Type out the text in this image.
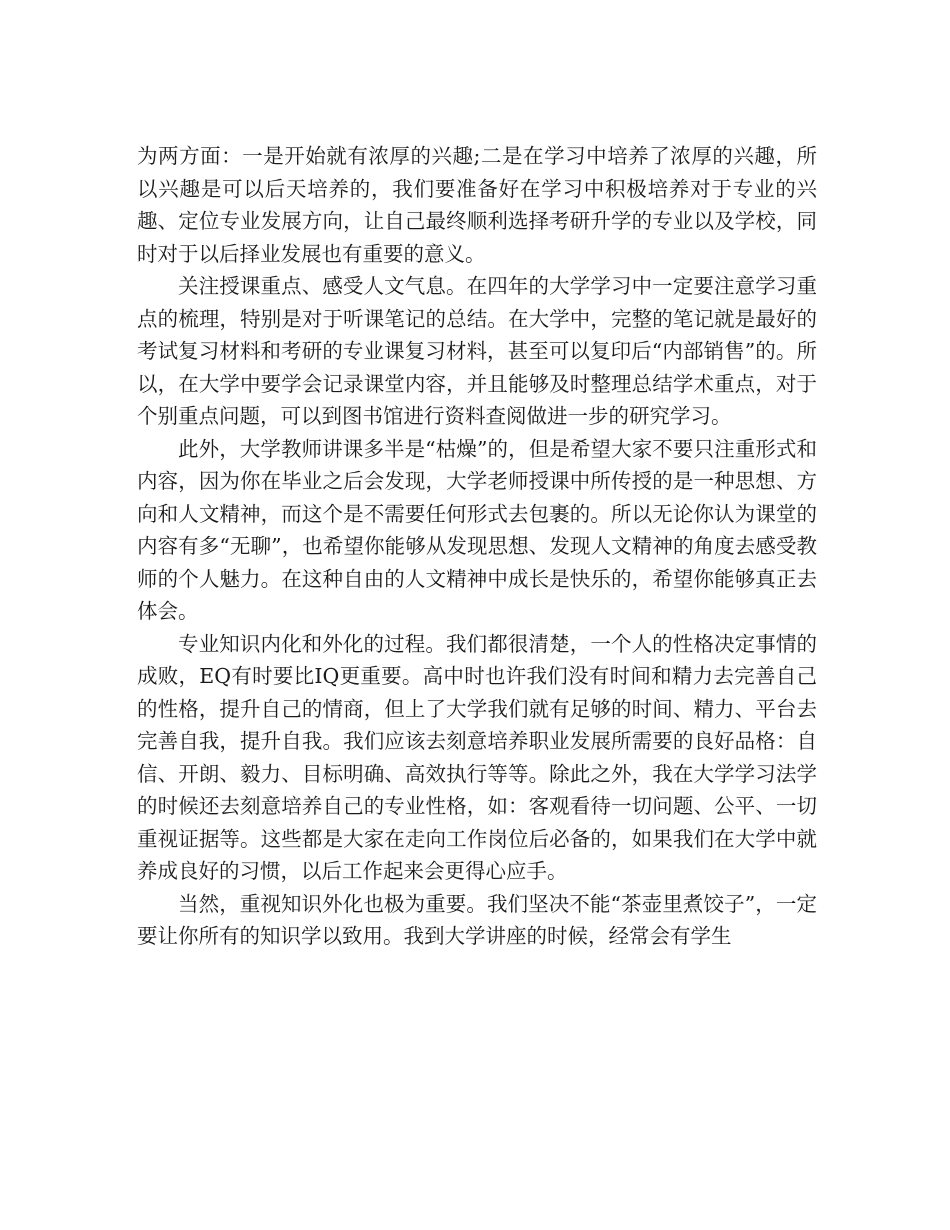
为两方面：一是开始就有浓厚的兴趣;二是在学习中培养了浓厚的兴趣，所以兴趣是可以后天培养的，我们要准备好在学习中积极培养对于专业的兴趣、定位专业发展方向，让自己最终顺利选择考研升学的专业以及学校，同时对于以后择业发展也有重要的意义。

关注授课重点、感受人文气息。在四年的大学学习中一定要注意学习重点的梳理，特别是对于听课笔记的总结。在大学中，完整的笔记就是最好的考试复习材料和考研的专业课复习材料，甚至可以复印后“内部销售”的。所以，在大学中要学会记录课堂内容，并且能够及时整理总结学术重点，对于个别重点问题，可以到图书馆进行资料查阅做进一步的研究学习。

此外，大学教师讲课多半是“枯燥”的，但是希望大家不要只注重形式和内容，因为你在毕业之后会发现，大学老师授课中所传授的是一种思想、方向和人文精神，而这个是不需要任何形式去包裹的。所以无论你认为课堂的内容有多“无聊”，也希望你能够从发现思想、发现人文精神的角度去感受教师的个人魅力。在这种自由的人文精神中成长是快乐的，希望你能够真正去体会。

专业知识内化和外化的过程。我们都很清楚，一个人的性格决定事情的成败，EQ有时要比IQ更重要。高中时也许我们没有时间和精力去完善自己的性格，提升自己的情商，但上了大学我们就有足够的时间、精力、平台去完善自我，提升自我。我们应该去刻意培养职业发展所需要的良好品格：自信、开朗、毅力、目标明确、高效执行等等。除此之外，我在大学学习法学的时候还去刻意培养自己的专业性格，如：客观看待一切问题、公平、一切重视证据等。这些都是大家在走向工作岗位后必备的，如果我们在大学中就养成良好的习惯，以后工作起来会更得心应手。

当然，重视知识外化也极为重要。我们坚决不能“茶壶里煮饺子”，一定要让你所有的知识学以致用。我到大学讲座的时候，经常会有学生
